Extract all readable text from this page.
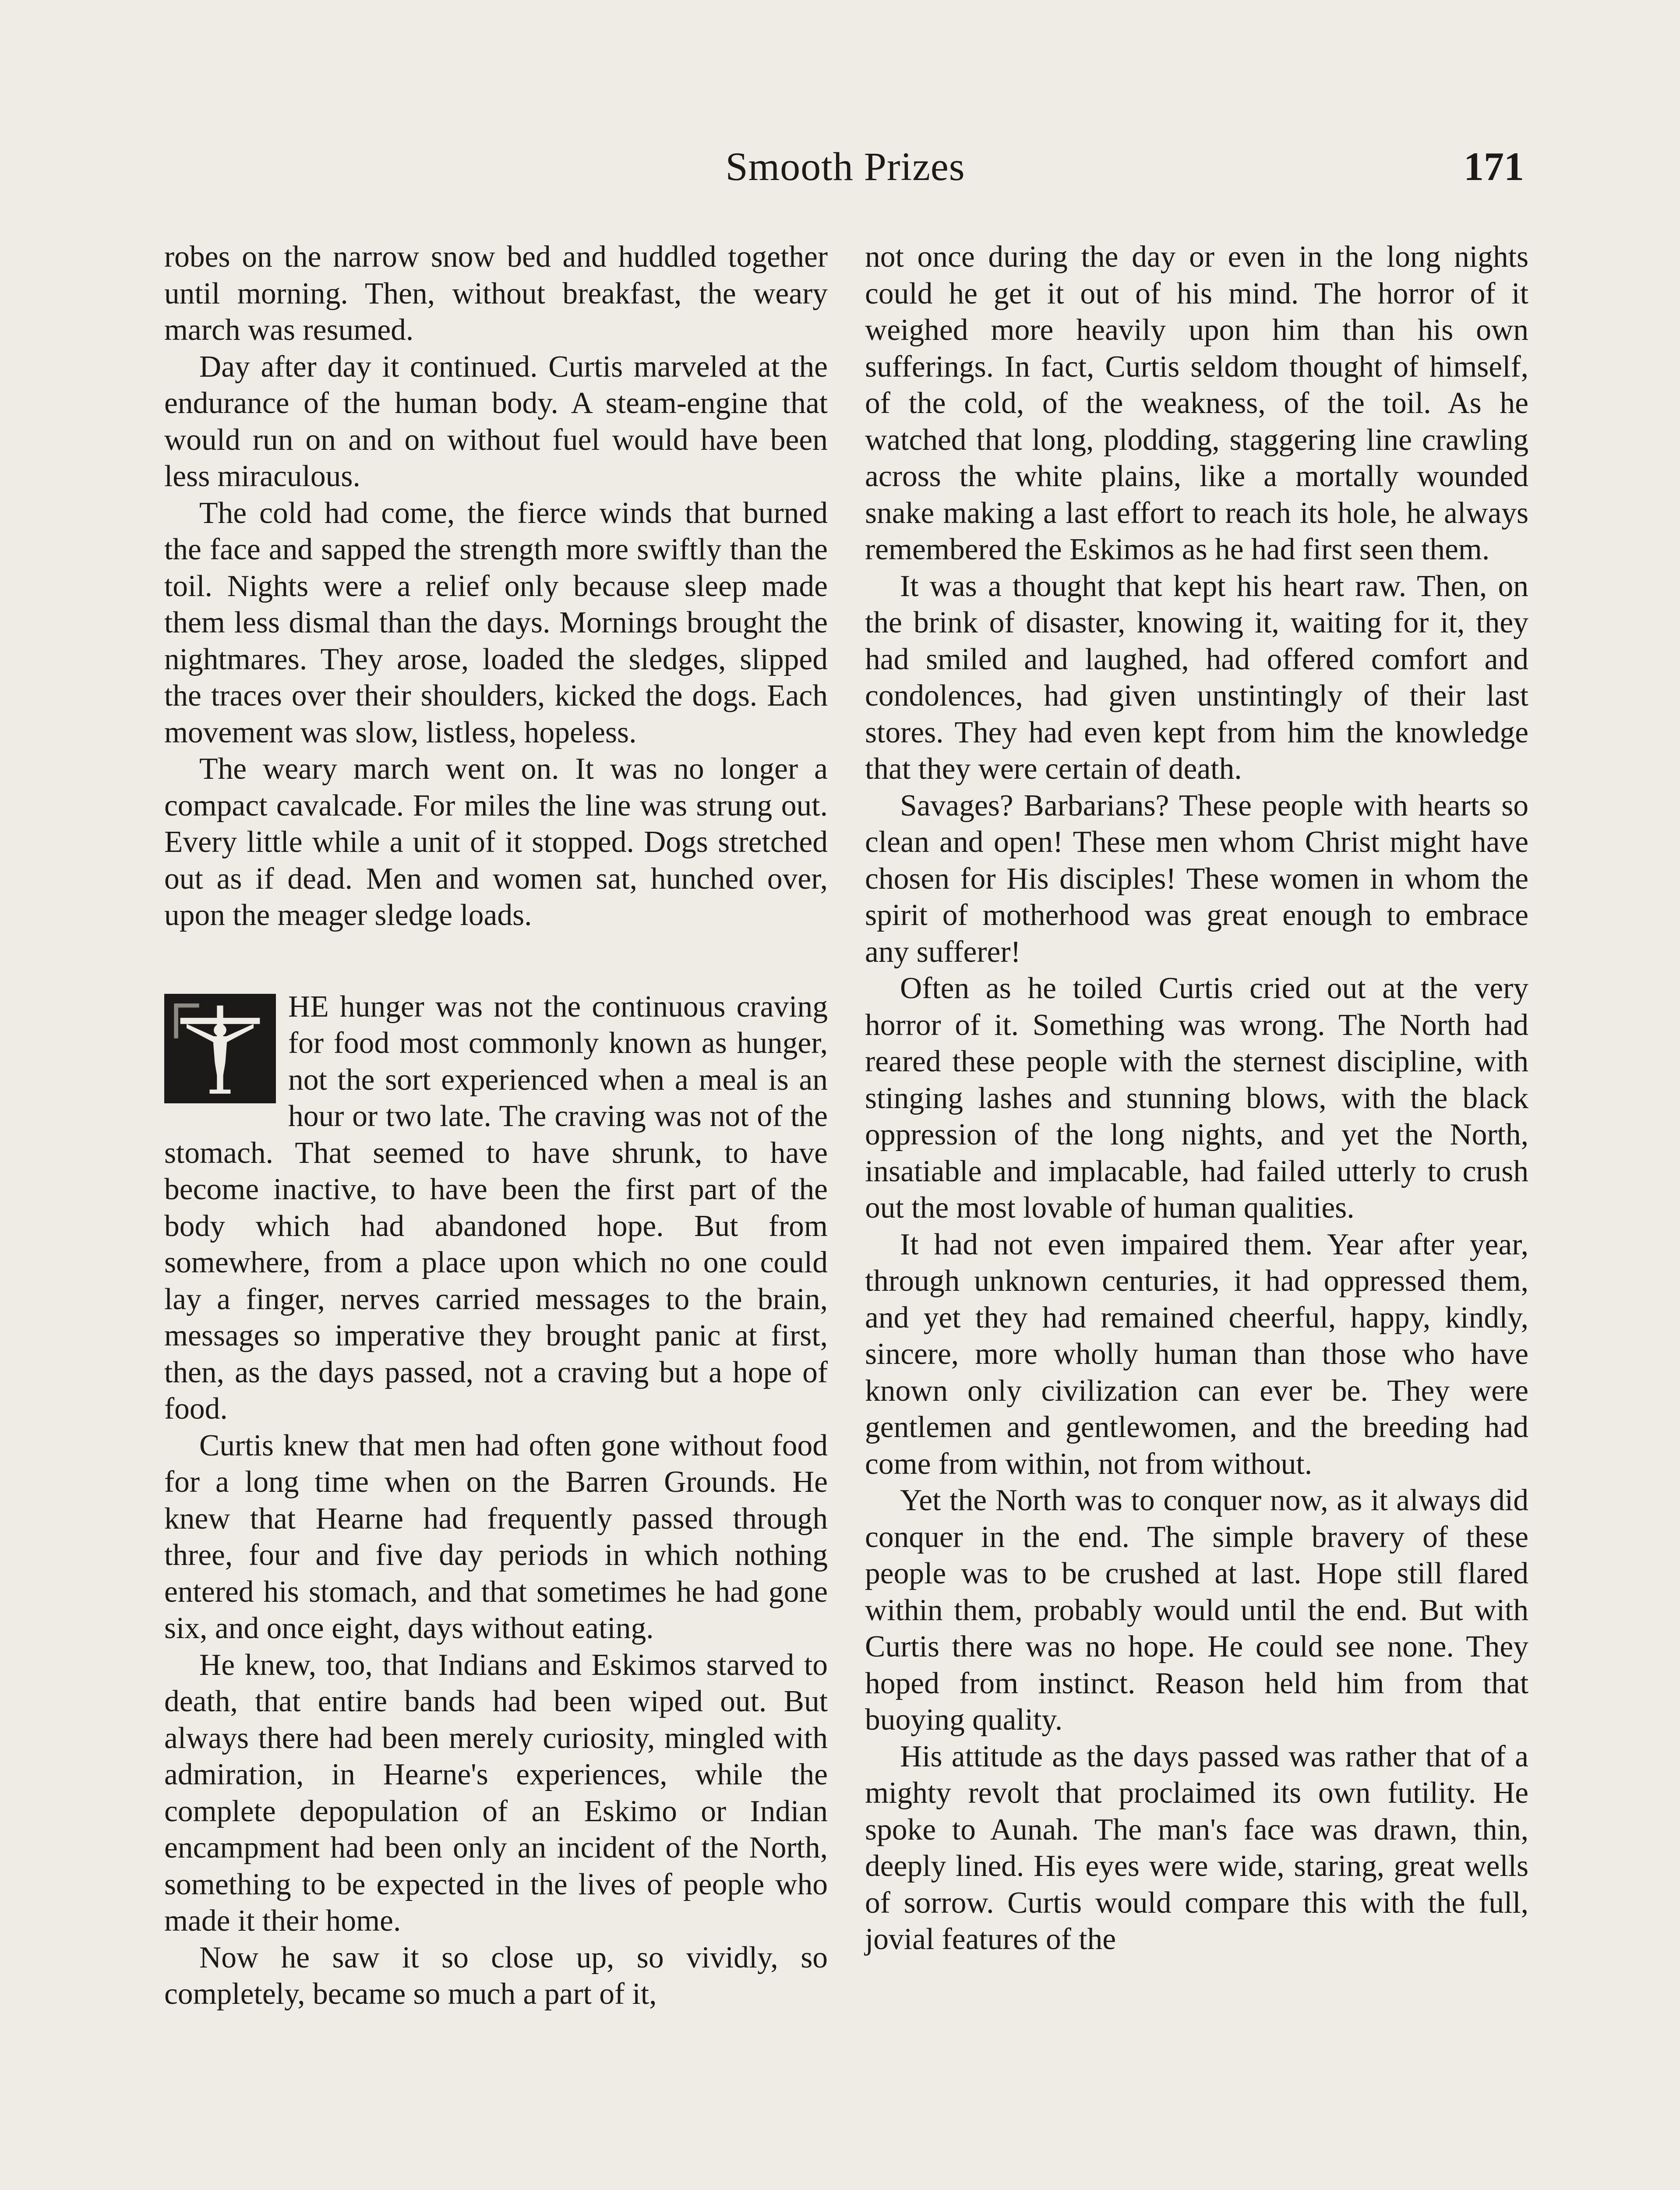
Smooth Prizes	171

robes on the narrow snow bed and huddled together until morning. Then, without breakfast, the weary march was resumed.

Day after day it continued. Curtis marveled at the endurance of the human body. A steam-engine that would run on and on without fuel would have been less miraculous.

The cold had come, the fierce winds that burned the face and sapped the strength more swiftly than the toil. Nights were a relief only because sleep made them less dismal than the days. Mornings brought the nightmares. They arose, loaded the sledges, slipped the traces over their shoulders, kicked the dogs. Each movement was slow, listless, hopeless.

The weary march went on. It was no longer a compact cavalcade. For miles the line was strung out. Every little while a unit of it stopped. Dogs stretched out as if dead. Men and women sat, hunched over, upon the meager sledge loads.

HE hunger was not the continuous craving for food most commonly known as hunger, not the sort experienced when a meal is an hour or two late. The craving was not of the stomach. That seemed to have shrunk, to have become inactive, to have been the first part of the body which had abandoned hope. But from somewhere, from a place upon which no one could lay a finger, nerves carried messages to the brain, messages so imperative they brought panic at first, then, as the days passed, not a craving but a hope of food.

Curtis knew that men had often gone without food for a long time when on the Barren Grounds. He knew that Hearne had frequently passed through three, four and five day periods in which nothing entered his stomach, and that sometimes he had gone six, and once eight, days without eating.

He knew, too, that Indians and Eskimos starved to death, that entire bands had been wiped out. But always there had been merely curiosity, mingled with admiration, in Hearne's experiences, while the complete depopulation of an Eskimo or Indian encampment had been only an incident of the North, something to be expected in the lives of people who made it their home.

Now he saw it so close up, so vividly, so completely, became so much a part of it,

not once during the day or even in the long nights could he get it out of his mind. The horror of it weighed more heavily upon him than his own sufferings. In fact, Curtis seldom thought of himself, of the cold, of the weakness, of the toil. As he watched that long, plodding, staggering line crawling across the white plains, like a mortally wounded snake making a last effort to reach its hole, he always remembered the Eskimos as he had first seen them.

It was a thought that kept his heart raw. Then, on the brink of disaster, knowing it, waiting for it, they had smiled and laughed, had offered comfort and condolences, had given unstintingly of their last stores. They had even kept from him the knowledge that they were certain of death.

Savages? Barbarians? These people with hearts so clean and open! These men whom Christ might have chosen for His disciples! These women in whom the spirit of motherhood was great enough to embrace any sufferer!

Often as he toiled Curtis cried out at the very horror of it. Something was wrong. The North had reared these people with the sternest discipline, with stinging lashes and stunning blows, with the black oppression of the long nights, and yet the North, insatiable and implacable, had failed utterly to crush out the most lovable of human qualities.

It had not even impaired them. Year after year, through unknown centuries, it had oppressed them, and yet they had remained cheerful, happy, kindly, sincere, more wholly human than those who have known only civilization can ever be. They were gentlemen and gentlewomen, and the breeding had come from within, not from without.

Yet the North was to conquer now, as it always did conquer in the end. The simple bravery of these people was to be crushed at last. Hope still flared within them, probably would until the end. But with Curtis there was no hope. He could see none. They hoped from instinct. Reason held him from that buoying quality.

His attitude as the days passed was rather that of a mighty revolt that proclaimed its own futility. He spoke to Aunah. The man's face was drawn, thin, deeply lined. His eyes were wide, staring, great wells of sorrow. Curtis would compare this with the full, jovial features of the
